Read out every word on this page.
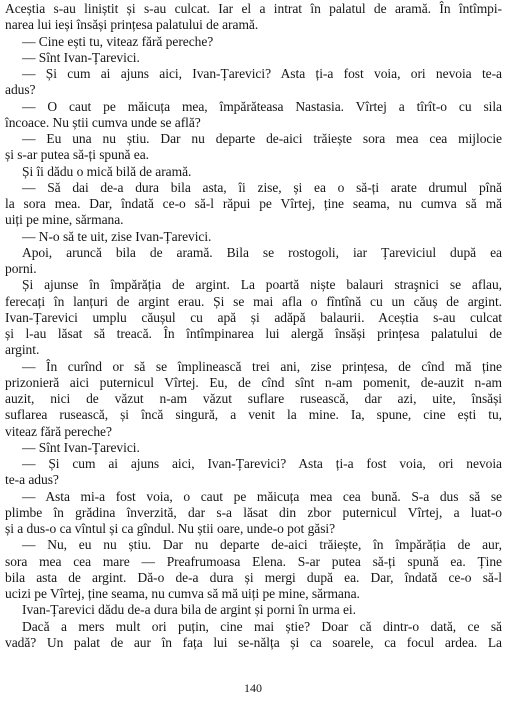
Aceștia s-au liniștit și s-au culcat. Iar el a intrat în palatul de aramă. În întîmpi-
narea lui ieși însăși prințesa palatului de aramă.
— Cine ești tu, viteaz fără pereche?
— Sînt Ivan-Țarevici.
— Și cum ai ajuns aici, Ivan-Țarevici? Asta ți-a fost voia, ori nevoia te-a
adus?
— O caut pe măicuța mea, împărăteasa Nastasia. Vîrtej a tîrît-o cu sila
încoace. Nu știi cumva unde se află?
— Eu una nu știu. Dar nu departe de-aici trăiește sora mea cea mijlocie
și s-ar putea să-ți spună ea.
Și îi dădu o mică bilă de aramă.
— Să dai de-a dura bila asta, îi zise, și ea o să-ți arate drumul pînă
la sora mea. Dar, îndată ce-o să-l răpui pe Vîrtej, ține seama, nu cumva să mă
uiți pe mine, sărmana.
— N-o să te uit, zise Ivan-Țarevici.
Apoi, aruncă bila de aramă. Bila se rostogoli, iar Țareviciul după ea
porni.
Și ajunse în împărăția de argint. La poartă niște balauri straşnici se aflau,
ferecați în lanțuri de argint erau. Și se mai afla o fîntînă cu un căuș de argint.
Ivan-Țarevici umplu căușul cu apă și adăpă balaurii. Aceștia s-au culcat
și l-au lăsat să treacă. În întîmpinarea lui alergă însăși prințesa palatului de
argint.
— În curînd or să se împlinească trei ani, zise prințesa, de cînd mă ține
prizonieră aici puternicul Vîrtej. Eu, de cînd sînt n-am pomenit, de-auzit n-am
auzit, nici de văzut n-am văzut suflare rusească, dar azi, uite, însăși
suflarea rusească, și încă singură, a venit la mine. Ia, spune, cine ești tu,
viteaz fără pereche?
— Sînt Ivan-Țarevici.
— Și cum ai ajuns aici, Ivan-Țarevici? Asta ți-a fost voia, ori nevoia
te-a adus?
— Asta mi-a fost voia, o caut pe măicuța mea cea bună. S-a dus să se
plimbe în grădina înverzită, dar s-a lăsat din zbor puternicul Vîrtej, a luat-o
și a dus-o ca vîntul și ca gîndul. Nu știi oare, unde-o pot găsi?
— Nu, eu nu știu. Dar nu departe de-aici trăiește, în împărăția de aur,
sora mea cea mare — Preafrumoasa Elena. S-ar putea să-ți spună ea. Ține
bila asta de argint. Dă-o de-a dura și mergi după ea. Dar, îndată ce-o să-l
ucizi pe Vîrtej, ține seama, nu cumva să mă uiți pe mine, sărmana.
Ivan-Țarevici dădu de-a dura bila de argint și porni în urma ei.
Dacă a mers mult ori puțin, cine mai știe? Doar că dintr-o dată, ce să
vadă? Un palat de aur în fața lui se-nălța și ca soarele, ca focul ardea. La
140
